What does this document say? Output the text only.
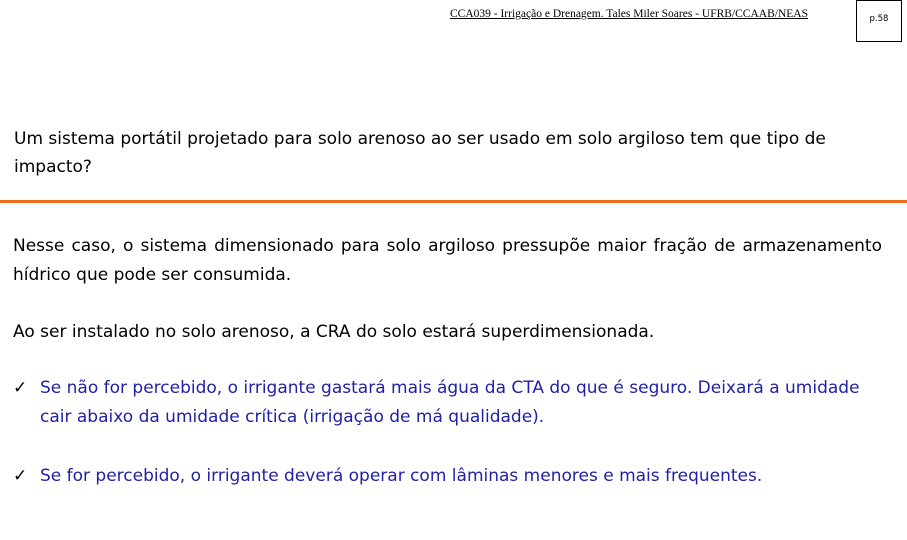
CCA039 - Irrigação e Drenagem. Tales Miler Soares - UFRB/CCAAB/NEAS	p.58
Um sistema portátil projetado para solo arenoso ao ser usado em solo argiloso tem que tipo de impacto?
Nesse caso, o sistema dimensionado para solo argiloso pressupõe maior fração de armazenamento hídrico que pode ser consumida.
Ao ser instalado no solo arenoso, a CRA do solo estará superdimensionada.
✓ Se não for percebido, o irrigante gastará mais água da CTA do que é seguro. Deixará a umidade cair abaixo da umidade crítica (irrigação de má qualidade).
✓ Se for percebido, o irrigante deverá operar com lâminas menores e mais frequentes.
